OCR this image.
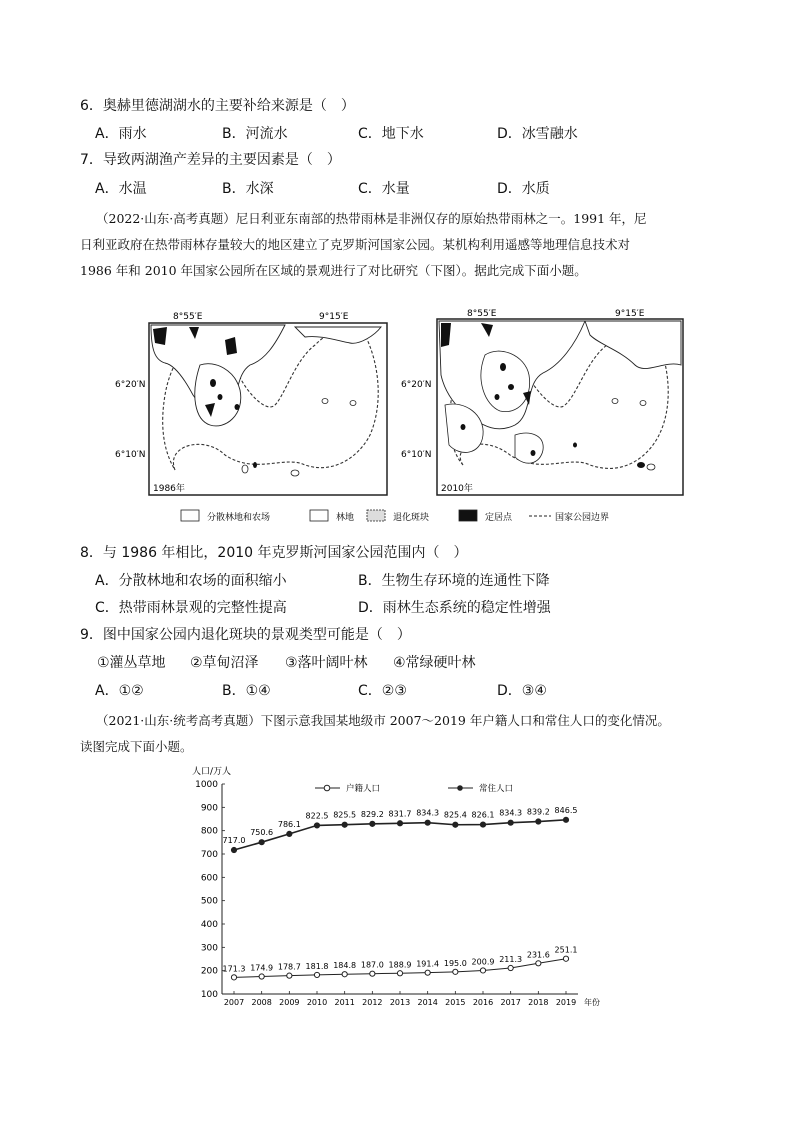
6．奥赫里德湖湖水的主要补给来源是（　）
A．雨水	B．河流水	C．地下水	D．冰雪融水
7．导致两湖渔产差异的主要因素是（　）
A．水温	B．水深	C．水量	D．水质
（2022·山东·高考真题）尼日利亚东南部的热带雨林是非洲仅存的原始热带雨林之一。1991 年，尼
日利亚政府在热带雨林存量较大的地区建立了克罗斯河国家公园。某机构利用遥感等地理信息技术对
1986 年和 2010 年国家公园所在区域的景观进行了对比研究（下图）。据此完成下面小题。
8°55′E	9°15′E
6°20′N
6°10′N
1986年
8°55′E	9°15′E
6°20′N
6°10′N
2010年
分散林地和农场	林地	退化斑块	定居点	国家公园边界
8．与 1986 年相比，2010 年克罗斯河国家公园范围内（　）
A．分散林地和农场的面积缩小	B．生物生存环境的连通性下降
C．热带雨林景观的完整性提高	D．雨林生态系统的稳定性增强
9．图中国家公园内退化斑块的景观类型可能是（　）
①灌丛草地 ②草甸沼泽 ③落叶阔叶林 ④常绿硬叶林
A．①②	B．①④	C．②③	D．③④
（2021·山东·统考高考真题）下图示意我国某地级市 2007～2019 年户籍人口和常住人口的变化情况。
读图完成下面小题。
人口/万人
年份
户籍人口	常住人口
100
200
300
400
500
600
700
800
900
1000
2007 2008 2009 2010 2011 2012 2013 2014 2015 2016 2017 2018 2019
171.3 174.9 178.7 181.8 184.8 187.0 188.9 191.4 195.0 200.9 211.3
231.6
251.1
717.0
750.6
786.1
822.5 825.5 829.2 831.7 834.3 825.4 826.1 834.3 839.2 846.5
